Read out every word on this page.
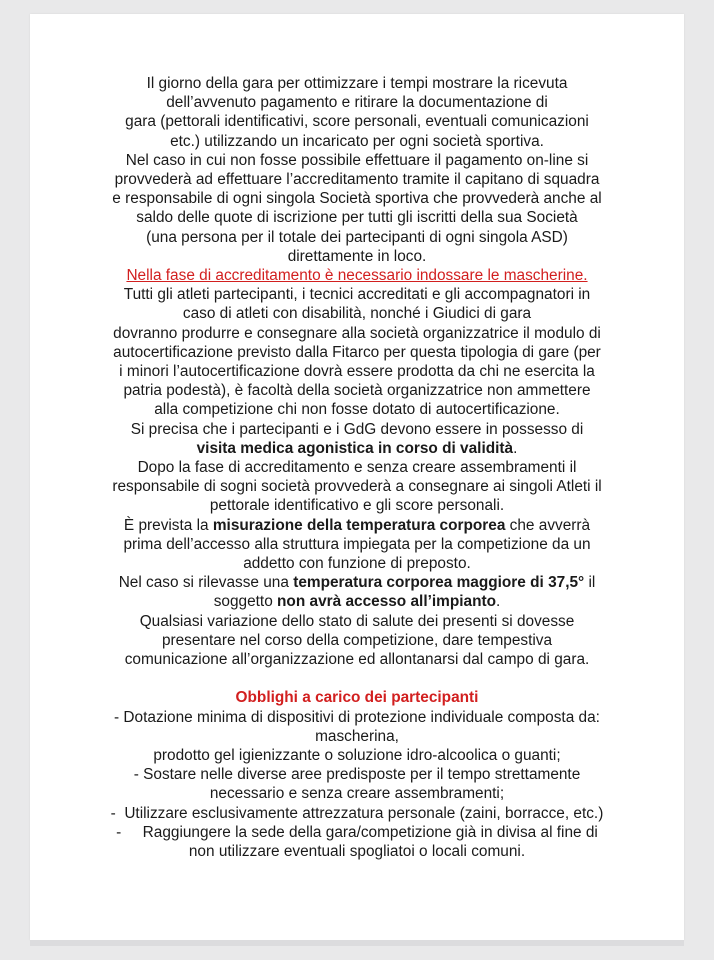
Il giorno della gara per ottimizzare i tempi mostrare la ricevuta

dell’avvenuto pagamento e ritirare la documentazione di

gara (pettorali identificativi, score personali, eventuali comunicazioni

etc.) utilizzando un incaricato per ogni società sportiva.

Nel caso in cui non fosse possibile effettuare il pagamento on-line si

provvederà ad effettuare l’accreditamento tramite il capitano di squadra

e responsabile di ogni singola Società sportiva che provvederà anche al

saldo delle quote di iscrizione per tutti gli iscritti della sua Società

(una persona per il totale dei partecipanti di ogni singola ASD)

direttamente in loco.

Nella fase di accreditamento è necessario indossare le mascherine.

Tutti gli atleti partecipanti, i tecnici accreditati e gli accompagnatori in

caso di atleti con disabilità, nonché i Giudici di gara

dovranno produrre e consegnare alla società organizzatrice il modulo di

autocertificazione previsto dalla Fitarco per questa tipologia di gare (per

i minori l’autocertificazione dovrà essere prodotta da chi ne esercita la

patria podestà), è facoltà della società organizzatrice non ammettere

alla competizione chi non fosse dotato di autocertificazione.

Si precisa che i partecipanti e i GdG devono essere in possesso di

visita medica agonistica in corso di validità.

Dopo la fase di accreditamento e senza creare assembramenti il

responsabile di sogni società provvederà a consegnare ai singoli Atleti il

pettorale identificativo e gli score personali.

È prevista la misurazione della temperatura corporea che avverrà

prima dell’accesso alla struttura impiegata per la competizione da un

addetto con funzione di preposto.

Nel caso si rilevasse una temperatura corporea maggiore di 37,5° il

soggetto non avrà accesso all’impianto.

Qualsiasi variazione dello stato di salute dei presenti si dovesse

presentare nel corso della competizione, dare tempestiva

comunicazione all’organizzazione ed allontanarsi dal campo di gara.

Obblighi a carico dei partecipanti

- Dotazione minima di dispositivi di protezione individuale composta da:

mascherina,

prodotto gel igienizzante o soluzione idro-alcoolica o guanti;

- Sostare nelle diverse aree predisposte per il tempo strettamente

necessario e senza creare assembramenti;

-  Utilizzare esclusivamente attrezzatura personale (zaini, borracce, etc.)

-     Raggiungere la sede della gara/competizione già in divisa al fine di

non utilizzare eventuali spogliatoi o locali comuni.
